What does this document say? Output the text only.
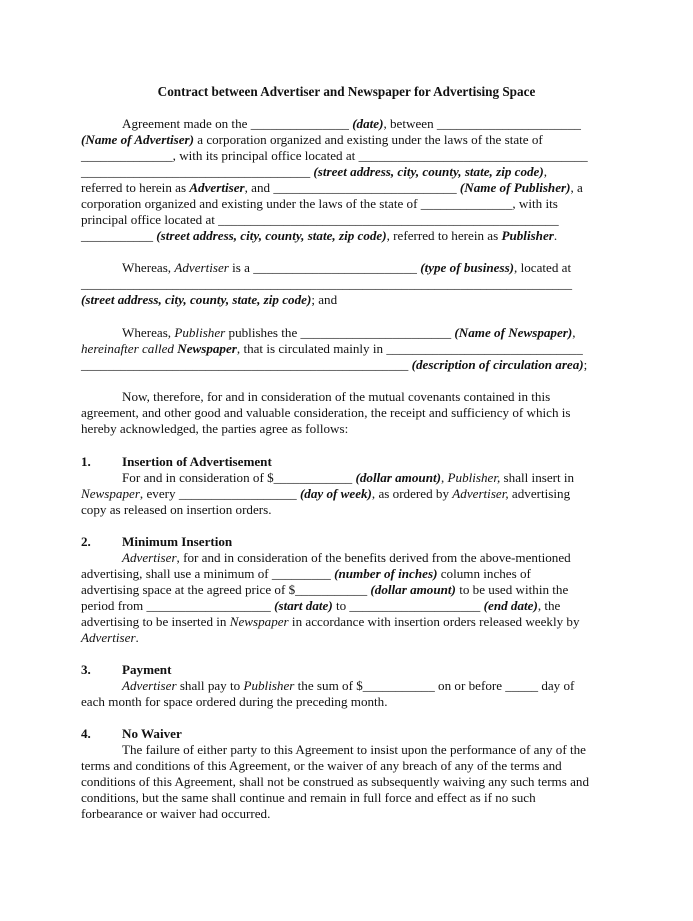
Contract between Advertiser and Newspaper for Advertising Space
Agreement made on the _______________ (date), between ______________________
(Name of Advertiser) a corporation organized and existing under the laws of the state of
______________, with its principal office located at ___________________________________
___________________________________ (street address, city, county, state, zip code),
referred to herein as Advertiser, and ____________________________ (Name of Publisher), a
corporation organized and existing under the laws of the state of ______________, with its
principal office located at ____________________________________________________
___________ (street address, city, county, state, zip code), referred to herein as Publisher.
Whereas, Advertiser is a _________________________ (type of business), located at
___________________________________________________________________________
(street address, city, county, state, zip code); and
Whereas, Publisher publishes the _______________________ (Name of Newspaper),
hereinafter called Newspaper, that is circulated mainly in ______________________________
__________________________________________________ (description of circulation area);
Now, therefore, for and in consideration of the mutual covenants contained in this
agreement, and other good and valuable consideration, the receipt and sufficiency of which is
hereby acknowledged, the parties agree as follows:
1. Insertion of Advertisement
For and in consideration of $____________ (dollar amount), Publisher, shall insert in
Newspaper, every __________________ (day of week), as ordered by Advertiser, advertising
copy as released on insertion orders.
2. Minimum Insertion
Advertiser, for and in consideration of the benefits derived from the above-mentioned
advertising, shall use a minimum of _________ (number of inches) column inches of
advertising space at the agreed price of $___________ (dollar amount) to be used within the
period from ___________________ (start date) to ____________________ (end date), the
advertising to be inserted in Newspaper in accordance with insertion orders released weekly by
Advertiser.
3. Payment
Advertiser shall pay to Publisher the sum of $___________ on or before _____ day of
each month for space ordered during the preceding month.
4. No Waiver
The failure of either party to this Agreement to insist upon the performance of any of the
terms and conditions of this Agreement, or the waiver of any breach of any of the terms and
conditions of this Agreement, shall not be construed as subsequently waiving any such terms and
conditions, but the same shall continue and remain in full force and effect as if no such
forbearance or waiver had occurred.
